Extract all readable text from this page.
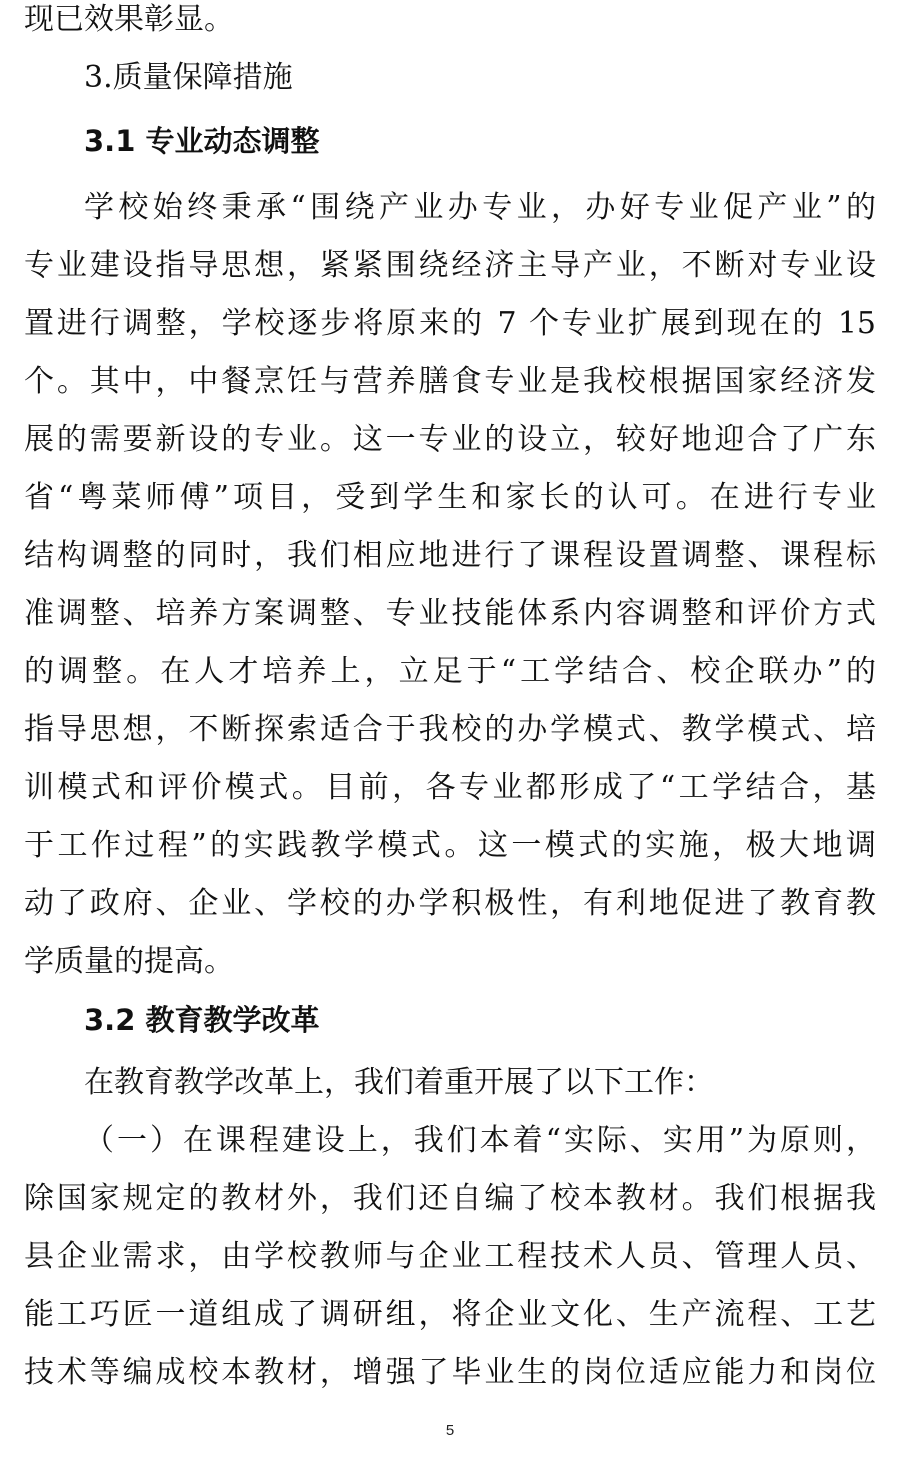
现已效果彰显。
3.质量保障措施
3.1 专业动态调整
学校始终秉承“围绕产业办专业，办好专业促产业”的
专业建设指导思想，紧紧围绕经济主导产业，不断对专业设
置进行调整，学校逐步将原来的 7 个专业扩展到现在的 15
个。其中，中餐烹饪与营养膳食专业是我校根据国家经济发
展的需要新设的专业。这一专业的设立，较好地迎合了广东
省“粤菜师傅”项目，受到学生和家长的认可。在进行专业
结构调整的同时，我们相应地进行了课程设置调整、课程标
准调整、培养方案调整、专业技能体系内容调整和评价方式
的调整。在人才培养上，立足于“工学结合、校企联办”的
指导思想，不断探索适合于我校的办学模式、教学模式、培
训模式和评价模式。目前，各专业都形成了“工学结合，基
于工作过程”的实践教学模式。这一模式的实施，极大地调
动了政府、企业、学校的办学积极性，有利地促进了教育教
学质量的提高。
3.2 教育教学改革
在教育教学改革上，我们着重开展了以下工作：
（一）在课程建设上，我们本着“实际、实用”为原则，
除国家规定的教材外，我们还自编了校本教材。我们根据我
县企业需求，由学校教师与企业工程技术人员、管理人员、
能工巧匠一道组成了调研组，将企业文化、生产流程、工艺
技术等编成校本教材，增强了毕业生的岗位适应能力和岗位
5
